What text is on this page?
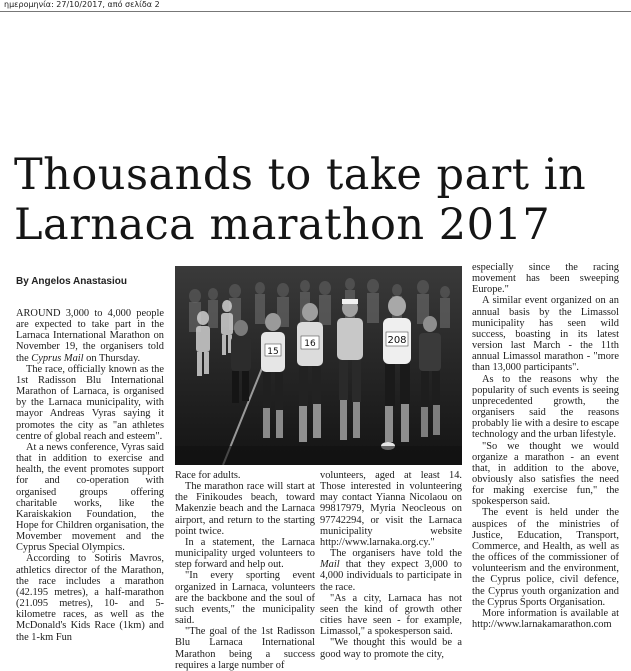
ημερομηνία: 27/10/2017, από σελίδα 2
Thousands to take part in
Larnaca marathon 2017
By Angelos Anastasiou

AROUND 3,000 to 4,000 people are expected to take part in the Larnaca International Marathon on November 19, the organisers told the Cyprus Mail on Thursday.

The race, officially known as the 1st Radisson Blu International Marathon of Larnaca, is organised by the Larnaca municipality, with mayor Andreas Vyras saying it promotes the city as "an athletes centre of global reach and esteem".

At a news conference, Vyras said that in addition to exercise and health, the event promotes support for and co-operation with organised groups offering charitable works, like the Karaiskakion Foundation, the Hope for Children organisation, the Movember movement and the Cyprus Special Olympics.

According to Sotiris Mavros, athletics director of the Marathon, the race includes a marathon (42.195 metres), a half-marathon (21.095 metres), 10- and 5-kilometre races, as well as the McDonald's Kids Race (1km) and the 1-km Fun

15
208
16

Race for adults.

The marathon race will start at the Finikoudes beach, toward Makenzie beach and the Larnaca airport, and return to the starting point twice.

In a statement, the Larnaca municipality urged volunteers to step forward and help out.

"In every sporting event organized in Larnaca, volunteers are the backbone and the soul of such events," the municipality said.

"The goal of the 1st Radisson Blu Larnaca International Marathon being a success requires a large number of

volunteers, aged at least 14. Those interested in volunteering may contact Yianna Nicolaou on 99817979, Myria Neocleous on 97742294, or visit the Larnaca municipality website http://www.larnaka.org.cy."

The organisers have told the Mail that they expect 3,000 to 4,000 individuals to participate in the race.

"As a city, Larnaca has not seen the kind of growth other cities have seen - for example, Limassol," a spokesperson said.

"We thought this would be a good way to promote the city,

especially since the racing movement has been sweeping Europe."

A similar event organized on an annual basis by the Limassol municipality has seen wild success, boasting in its latest version last March - the 11th annual Limassol marathon - "more than 13,000 participants".

As to the reasons why the popularity of such events is seeing unprecedented growth, the organisers said the reasons probably lie with a desire to escape technology and the urban lifestyle.

"So we thought we would organize a marathon - an event that, in addition to the above, obviously also satisfies the need for making exercise fun," the spokesperson said.

The event is held under the auspices of the ministries of Justice, Education, Transport, Commerce, and Health, as well as the offices of the commissioner of volunteerism and the environment, the Cyprus police, civil defence, the Cyprus youth organization and the Cyprus Sports Organisation.

More information is available at http://www.larnakamarathon.com
